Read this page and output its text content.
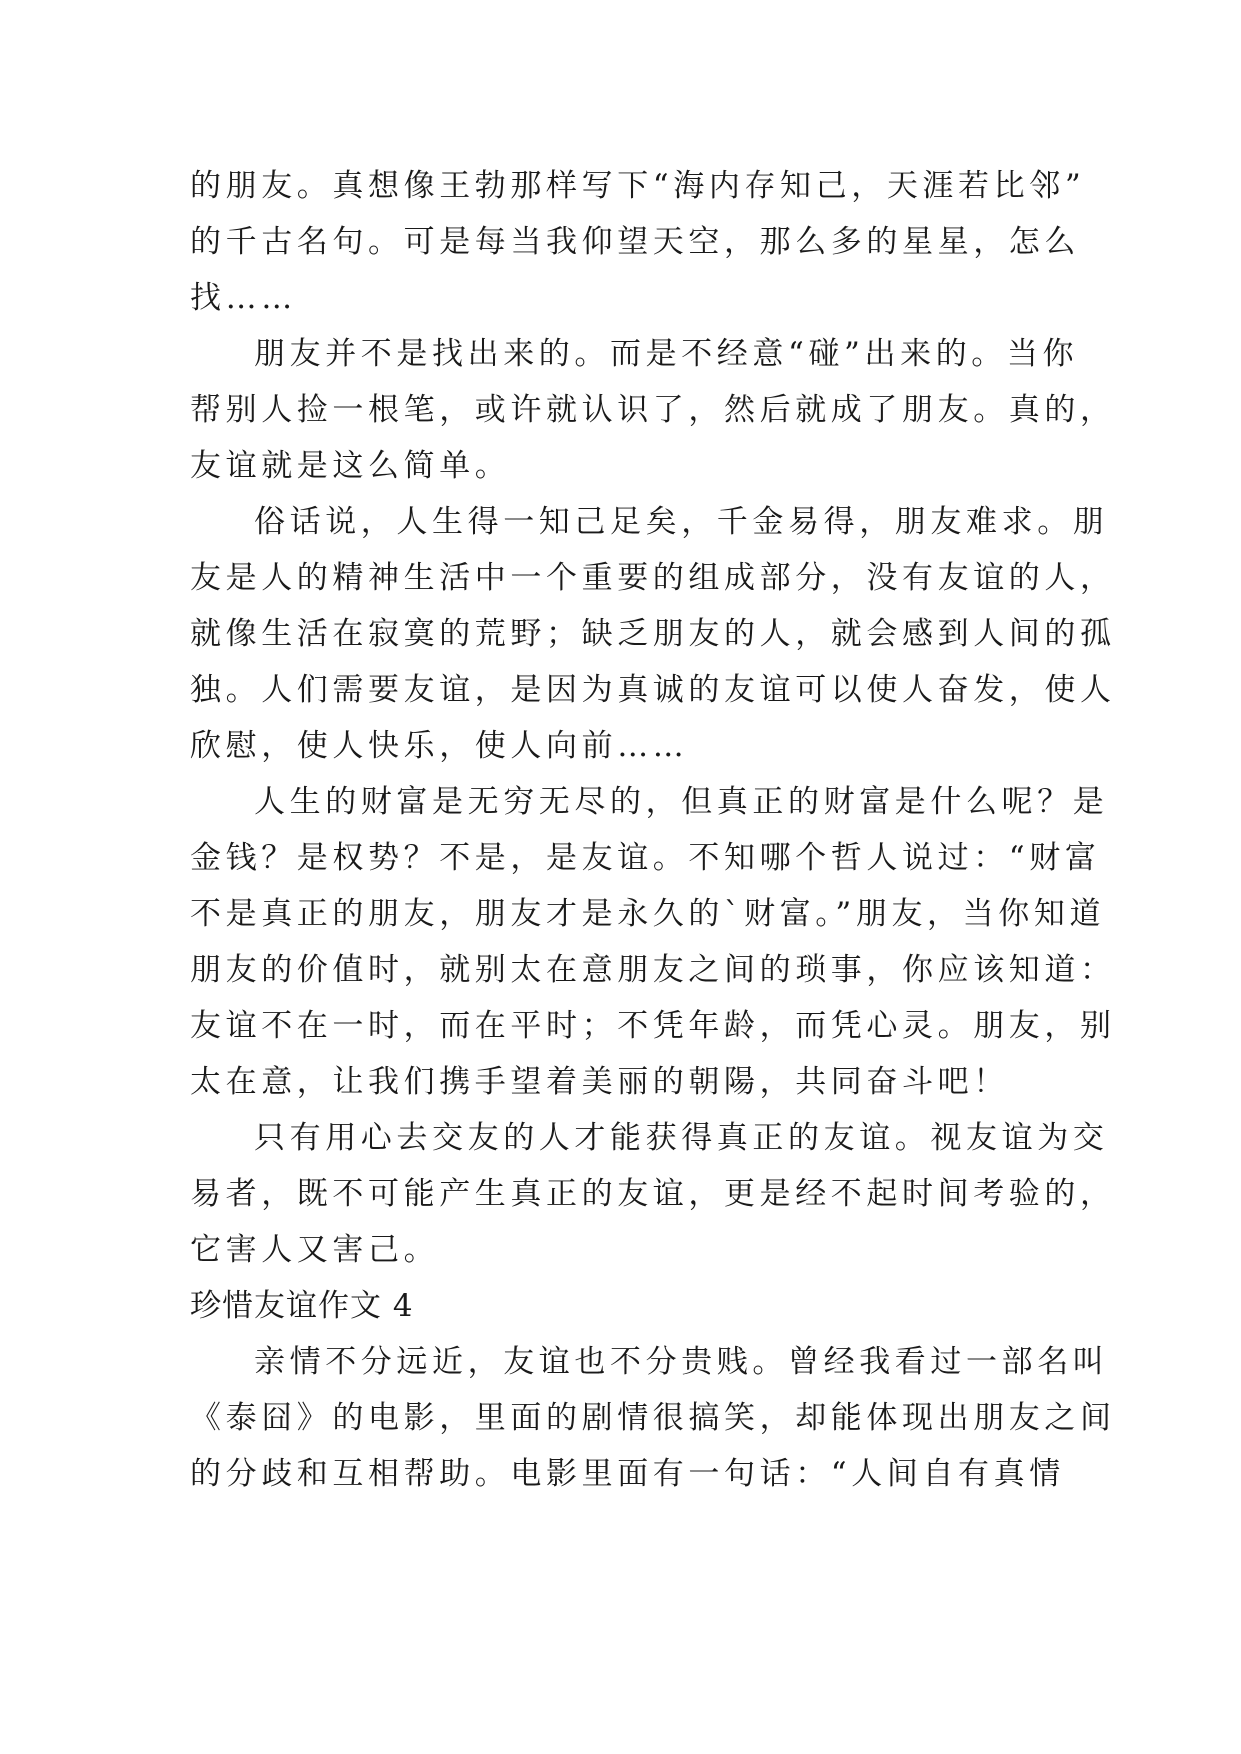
的朋友。真想像王勃那样写下“海内存知己，天涯若比邻”
的千古名句。可是每当我仰望天空，那么多的星星，怎么
找……
朋友并不是找出来的。而是不经意“碰”出来的。当你
帮别人捡一根笔，或许就认识了，然后就成了朋友。真的，
友谊就是这么简单。
俗话说，人生得一知己足矣，千金易得，朋友难求。朋
友是人的精神生活中一个重要的组成部分，没有友谊的人，
就像生活在寂寞的荒野；缺乏朋友的人，就会感到人间的孤
独。人们需要友谊，是因为真诚的友谊可以使人奋发，使人
欣慰，使人快乐，使人向前……
人生的财富是无穷无尽的，但真正的财富是什么呢？是
金钱？是权势？不是，是友谊。不知哪个哲人说过：“财富
不是真正的朋友，朋友才是永久的`财富。”朋友，当你知道
朋友的价值时，就别太在意朋友之间的琐事，你应该知道：
友谊不在一时，而在平时；不凭年龄，而凭心灵。朋友，别
太在意，让我们携手望着美丽的朝陽，共同奋斗吧！
只有用心去交友的人才能获得真正的友谊。视友谊为交
易者，既不可能产生真正的友谊，更是经不起时间考验的，
它害人又害己。
珍惜友谊作文 4
亲情不分远近，友谊也不分贵贱。曾经我看过一部名叫
《泰囧》的电影，里面的剧情很搞笑，却能体现出朋友之间
的分歧和互相帮助。电影里面有一句话：“人间自有真情
